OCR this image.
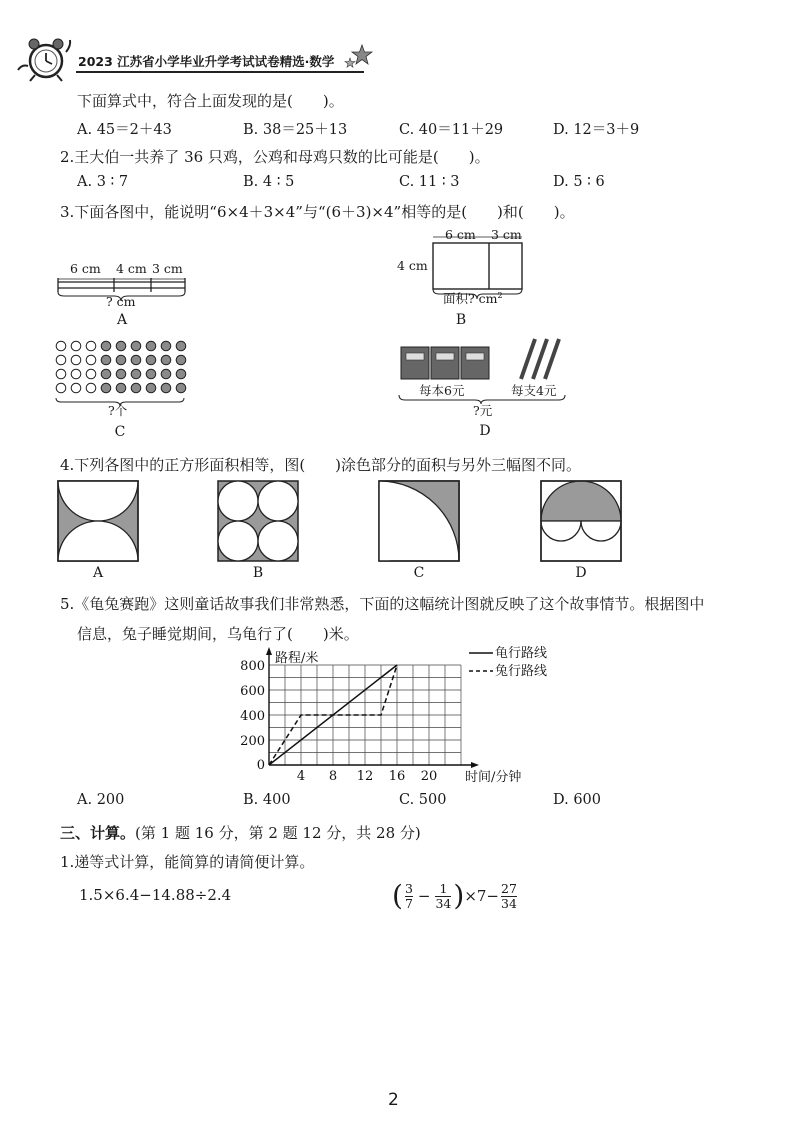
2023 江苏省小学毕业升学考试试卷精选·数学
下面算式中，符合上面发现的是(　　)。
A. 45＝2＋43	B. 38＝25＋13	C. 40＝11＋29	D. 12＝3＋9
2.王大伯一共养了 36 只鸡，公鸡和母鸡只数的比可能是(　　)。
A. 3 ∶ 7	B. 4 ∶ 5	C. 11 ∶ 3	D. 5 ∶ 6
3.下面各图中，能说明“6×4＋3×4”与“(6＋3)×4”相等的是(　　)和(　　)。
6 cm 4 cm 3 cm
? cm
A
6 cm 3 cm
4 cm
面积? $cm^2$
B
?个
C
每本6元	每支4元
?元
D
4.下列各图中的正方形面积相等，图(　　)涂色部分的面积与另外三幅图不同。
A	B	C	D
5.《龟兔赛跑》这则童话故事我们非常熟悉，下面的这幅统计图就反映了这个故事情节。根据图中
信息，兔子睡觉期间，乌龟行了(　　)米。
4 8 12 16 20
200
400
600
800
0
路程/米
时间/分钟
龟行路线
兔行路线
A. 200	B. 400	C. 500	D. 600
三、计算。(第 1 题 16 分，第 2 题 12 分，共 28 分)
1.递等式计算，能简算的请简便计算。
1.5×6.4−14.88÷2.4	( 3
7 − 1
34 ) ×7− 27
34
2
